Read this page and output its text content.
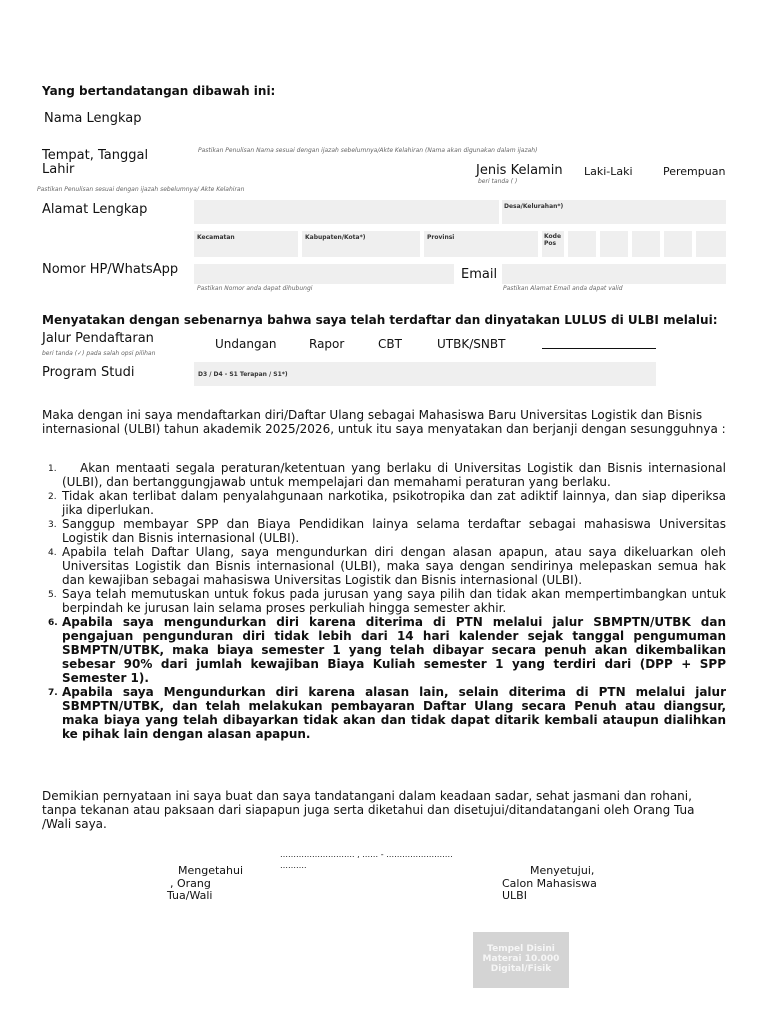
Yang bertandatangan dibawah ini:
Nama Lengkap
Pastikan Penulisan Nama sesuai dengan ijazah sebelumnya/Akte Kelahiran (Nama akan digunakan dalam ijazah)
Tempat, Tanggal Lahir
Pastikan Penulisan sesuai dengan ijazah sebelumnya/ Akte Kelahiran
Jenis Kelamin
beri tanda ( )
Laki-Laki	Perempuan
Alamat Lengkap	Desa/Kelurahan*)
Kecamatan	Kabupaten/Kota*)	Provinsi	Kode Pos
Nomor HP/WhatsApp
Pastikan Nomor anda dapat dihubungi
Email
Pastikan Alamat Email anda dapat valid
Menyatakan dengan sebenarnya bahwa saya telah terdaftar dan dinyatakan LULUS di ULBI melalui:
Jalur Pendaftaran
beri tanda (✓) pada salah opsi pilihan
Undangan	Rapor	CBT	UTBK/SNBT
Program Studi	D3 / D4 - S1 Terapan / S1*)
Maka dengan ini saya mendaftarkan diri/Daftar Ulang sebagai Mahasiswa Baru Universitas Logistik dan Bisnis internasional (ULBI) tahun akademik 2025/2026, untuk itu saya menyatakan dan berjanji dengan sesungguhnya :
1. Akan mentaati segala peraturan/ketentuan yang berlaku di Universitas Logistik dan Bisnis internasional (ULBI), dan bertanggungjawab untuk mempelajari dan memahami peraturan yang berlaku.
2. Tidak akan terlibat dalam penyalahgunaan narkotika, psikotropika dan zat adiktif lainnya, dan siap diperiksa jika diperlukan.
3. Sanggup membayar SPP dan Biaya Pendidikan lainya selama terdaftar sebagai mahasiswa Universitas Logistik dan Bisnis internasional (ULBI).
4. Apabila telah Daftar Ulang, saya mengundurkan diri dengan alasan apapun, atau saya dikeluarkan oleh Universitas Logistik dan Bisnis internasional (ULBI), maka saya dengan sendirinya melepaskan semua hak dan kewajiban sebagai mahasiswa Universitas Logistik dan Bisnis internasional (ULBI).
5. Saya telah memutuskan untuk fokus pada jurusan yang saya pilih dan tidak akan mempertimbangkan untuk berpindah ke jurusan lain selama proses perkuliah hingga semester akhir.
6. Apabila saya mengundurkan diri karena diterima di PTN melalui jalur SBMPTN/UTBK dan pengajuan pengunduran diri tidak lebih dari 14 hari kalender sejak tanggal pengumuman SBMPTN/UTBK, maka biaya semester 1 yang telah dibayar secara penuh akan dikembalikan sebesar 90% dari jumlah kewajiban Biaya Kuliah semester 1 yang terdiri dari (DPP + SPP Semester 1).
7. Apabila saya Mengundurkan diri karena alasan lain, selain diterima di PTN melalui jalur SBMPTN/UTBK, dan telah melakukan pembayaran Daftar Ulang secara Penuh atau diangsur, maka biaya yang telah dibayarkan tidak akan dan tidak dapat ditarik kembali ataupun dialihkan ke pihak lain dengan alasan apapun.
Demikian pernyataan ini saya buat dan saya tandatangani dalam keadaan sadar, sehat jasmani dan rohani, tanpa tekanan atau paksaan dari siapapun juga serta diketahui dan disetujui/ditandatangani oleh Orang Tua /Wali saya.
………………………. , …… - …………………….
……….
Mengetahui
, Orang
Tua/Wali
Menyetujui,
Calon Mahasiswa
ULBI
Tempel Disini
Materai 10.000
Digital/Fisik
